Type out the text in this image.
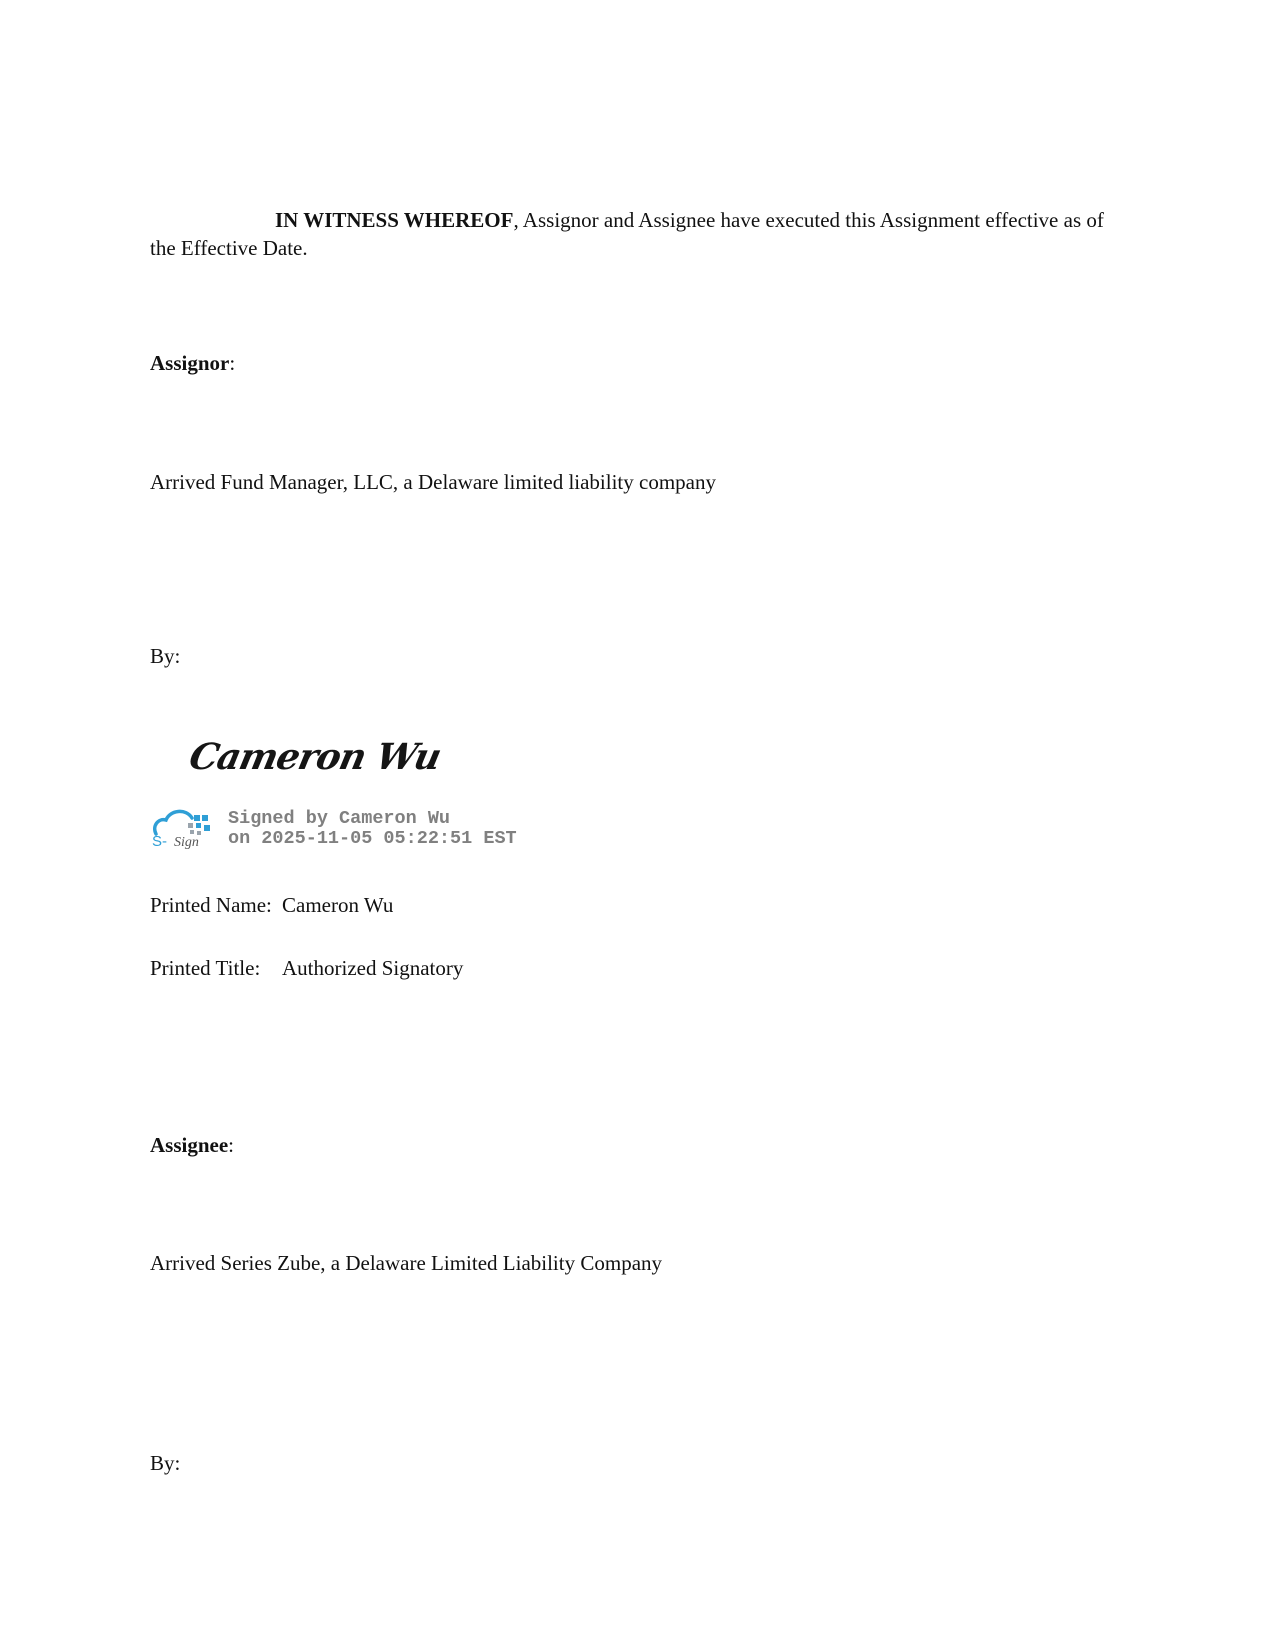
IN WITNESS WHEREOF, Assignor and Assignee have executed this Assignment effective as of the Effective Date.

Assignor:
Arrived Fund Manager, LLC, a Delaware limited liability company
By:
Cameron Wu
S- Sign
Signed by Cameron Wu
on 2025-11-05 05:22:51 EST
Printed Name: Cameron Wu
Printed Title: Authorized Signatory
Assignee:
Arrived Series Zube, a Delaware Limited Liability Company
By:
